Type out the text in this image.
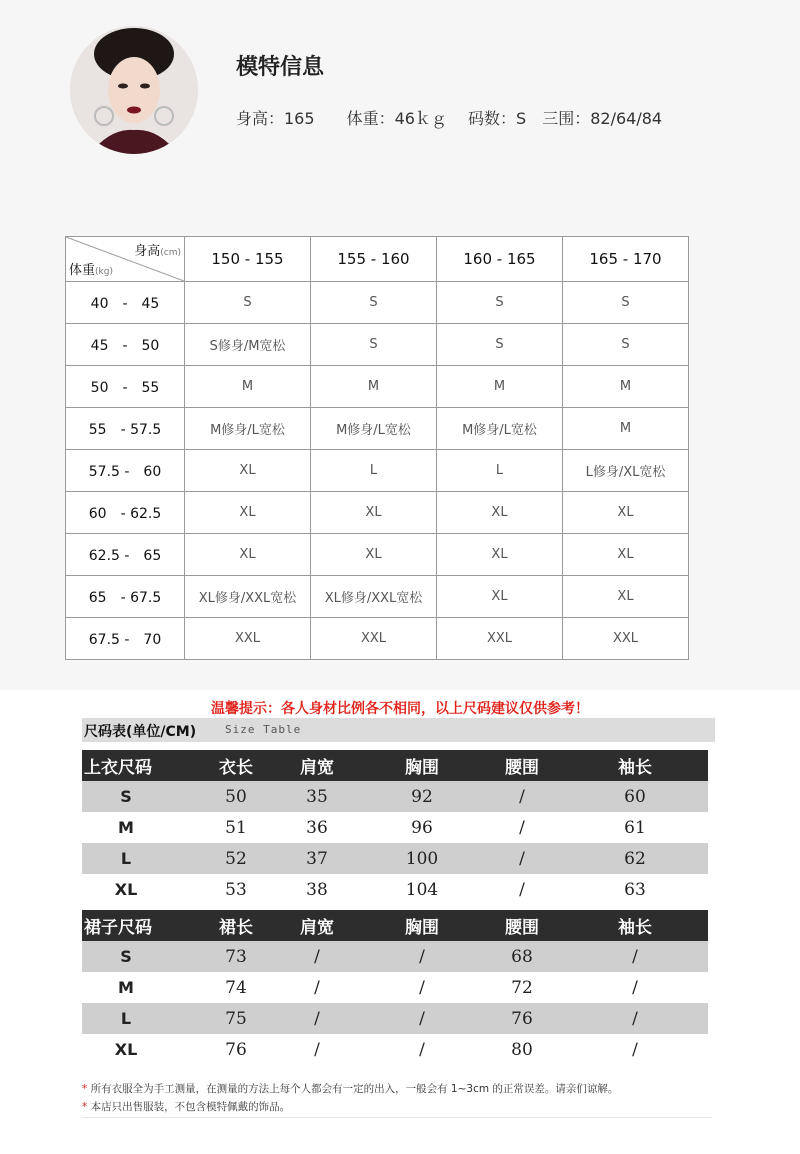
模特信息
身高：165　　 体重：46ｋｇ　 码数：S　 三围：82/64/84
身高(cm)
体重(kg)	150 - 155	155 - 160	160 - 165	165 - 170
40　-　45	S	S	S	S
45　-　50	S修身/M宽松	S	S	S
50　-　55	M	M	M	M
55　- 57.5	M修身/L宽松	M修身/L宽松	M修身/L宽松	M
57.5 -　60	XL	L	L	L修身/XL宽松
60　- 62.5	XL	XL	XL	XL
62.5 -　65	XL	XL	XL	XL
65　- 67.5	XL修身/XXL宽松	XL修身/XXL宽松	XL	XL
67.5 -　70	XXL	XXL	XXL	XXL
温馨提示：各人身材比例各不相同，以上尺码建议仅供参考！
尺码表(单位/CM)	Size Table
上衣尺码	衣长	肩宽	胸围	腰围	袖长
S	50	35	92	/	60
M	51	36	96	/	61
L	52	37	100	/	62
XL	53	38	104	/	63
裙子尺码	裙长	肩宽	胸围	腰围	袖长
S	73	/	/	68	/
M	74	/	/	72	/
L	75	/	/	76	/
XL	76	/	/	80	/
* 所有衣服全为手工测量，在测量的方法上每个人都会有一定的出入，一般会有 1~3cm 的正常误差。请亲们谅解。
* 本店只出售服装，不包含模特佩戴的饰品。
